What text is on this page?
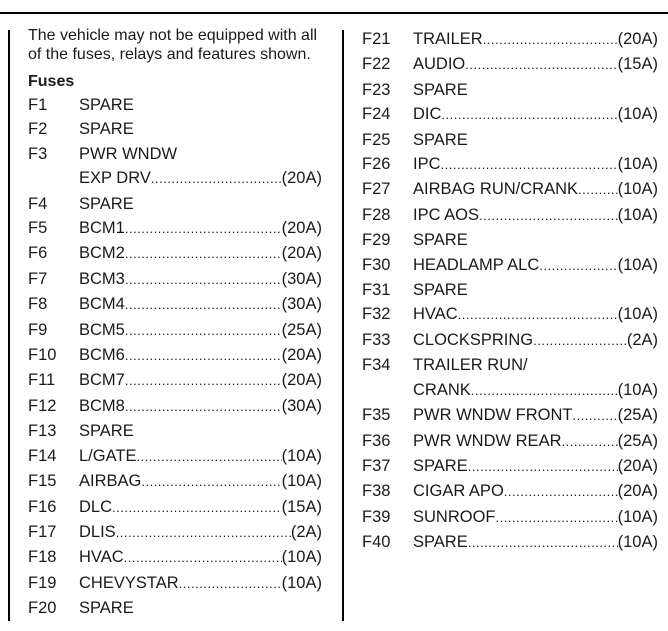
The vehicle may not be equipped with all of the fuses, relays and features shown.

Fuses
F1	SPARE
F2	SPARE
F3	PWR WNDW
EXP DRV .....	(20A)
F4	SPARE
F5	BCM1 .....	(20A)
F6	BCM2 .....	(20A)
F7	BCM3 .....	(30A)
F8	BCM4 .....	(30A)
F9	BCM5 .....	(25A)
F10	BCM6 .....	(20A)
F11	BCM7 .....	(20A)
F12	BCM8 .....	(30A)
F13	SPARE
F14	L/GATE .....	(10A)
F15	AIRBAG .....	(10A)
F16	DLC .....	(15A)
F17	DLIS .....	(2A)
F18	HVAC .....	(10A)
F19	CHEVYSTAR .....	(10A)
F20	SPARE
F21	TRAILER .....	(20A)
F22	AUDIO .....	(15A)
F23	SPARE
F24	DIC .....	(10A)
F25	SPARE
F26	IPC .....	(10A)
F27	AIRBAG RUN/CRANK ..... (10A)
F28	IPC AOS .....	(10A)
F29	SPARE
F30	HEADLAMP ALC .....	(10A)
F31	SPARE
F32	HVAC .....	(10A)
F33	CLOCKSPRING .....	(2A)
F34	TRAILER RUN/
CRANK .....	(10A)
F35	PWR WNDW FRONT .....	(25A)
F36	PWR WNDW REAR .....	(25A)
F37	SPARE .....	(20A)
F38	CIGAR APO .....	(20A)
F39	SUNROOF .....	(10A)
F40	SPARE .....	(10A)
